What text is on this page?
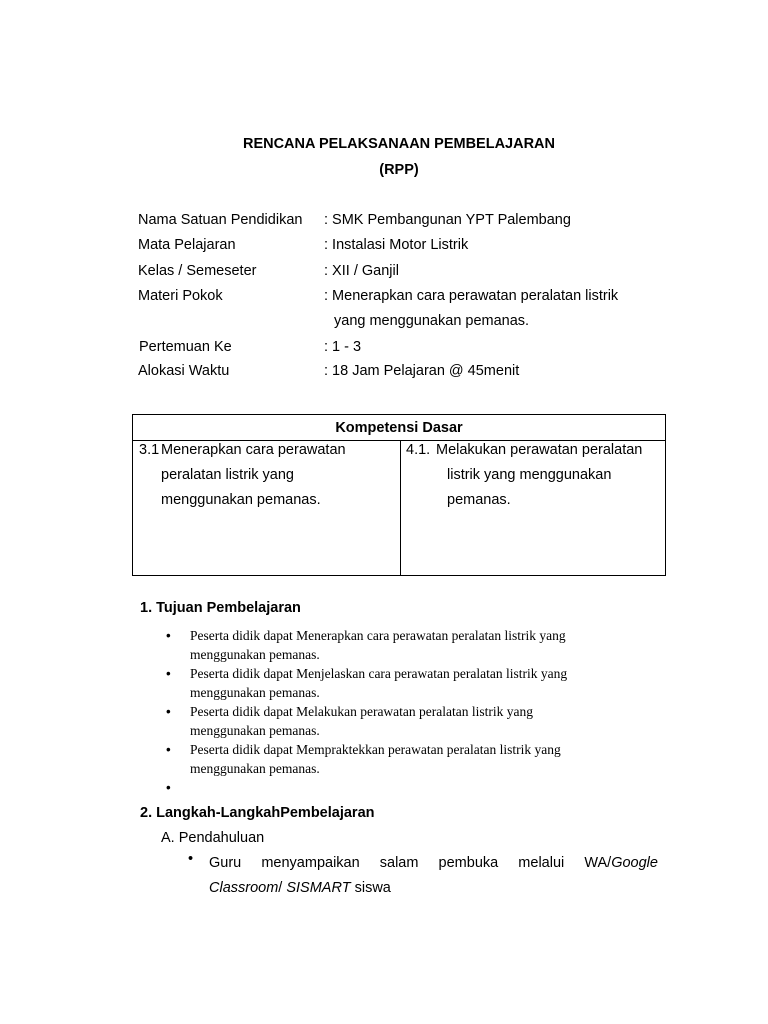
RENCANA PELAKSANAAN PEMBELAJARAN
(RPP)
Nama Satuan Pendidikan : SMK Pembangunan YPT Palembang
Mata Pelajaran	: Instalasi Motor Listrik
Kelas / Semeseter	: XII / Ganjil
Materi Pokok	: Menerapkan cara perawatan peralatan listrik
yang menggunakan pemanas.
Pertemuan Ke	: 1 - 3
Alokasi Waktu	: 18 Jam Pelajaran @ 45menit
Kompetensi Dasar

3.1 Menerapkan cara perawatan
peralatan listrik yang
menggunakan pemanas.

4.1. Melakukan perawatan peralatan
listrik yang menggunakan
pemanas.
1. Tujuan Pembelajaran
• Peserta didik dapat Menerapkan cara perawatan peralatan listrik yang
menggunakan pemanas.
• Peserta didik dapat Menjelaskan cara perawatan peralatan listrik yang
menggunakan pemanas.
• Peserta didik dapat Melakukan perawatan peralatan listrik yang
menggunakan pemanas.
• Peserta didik dapat Mempraktekkan perawatan peralatan listrik yang
menggunakan pemanas.
•
2. Langkah-LangkahPembelajaran
A. Pendahuluan
• Guru menyampaikan salam pembuka melalui WA/Google
Classroom/ SISMART siswa
